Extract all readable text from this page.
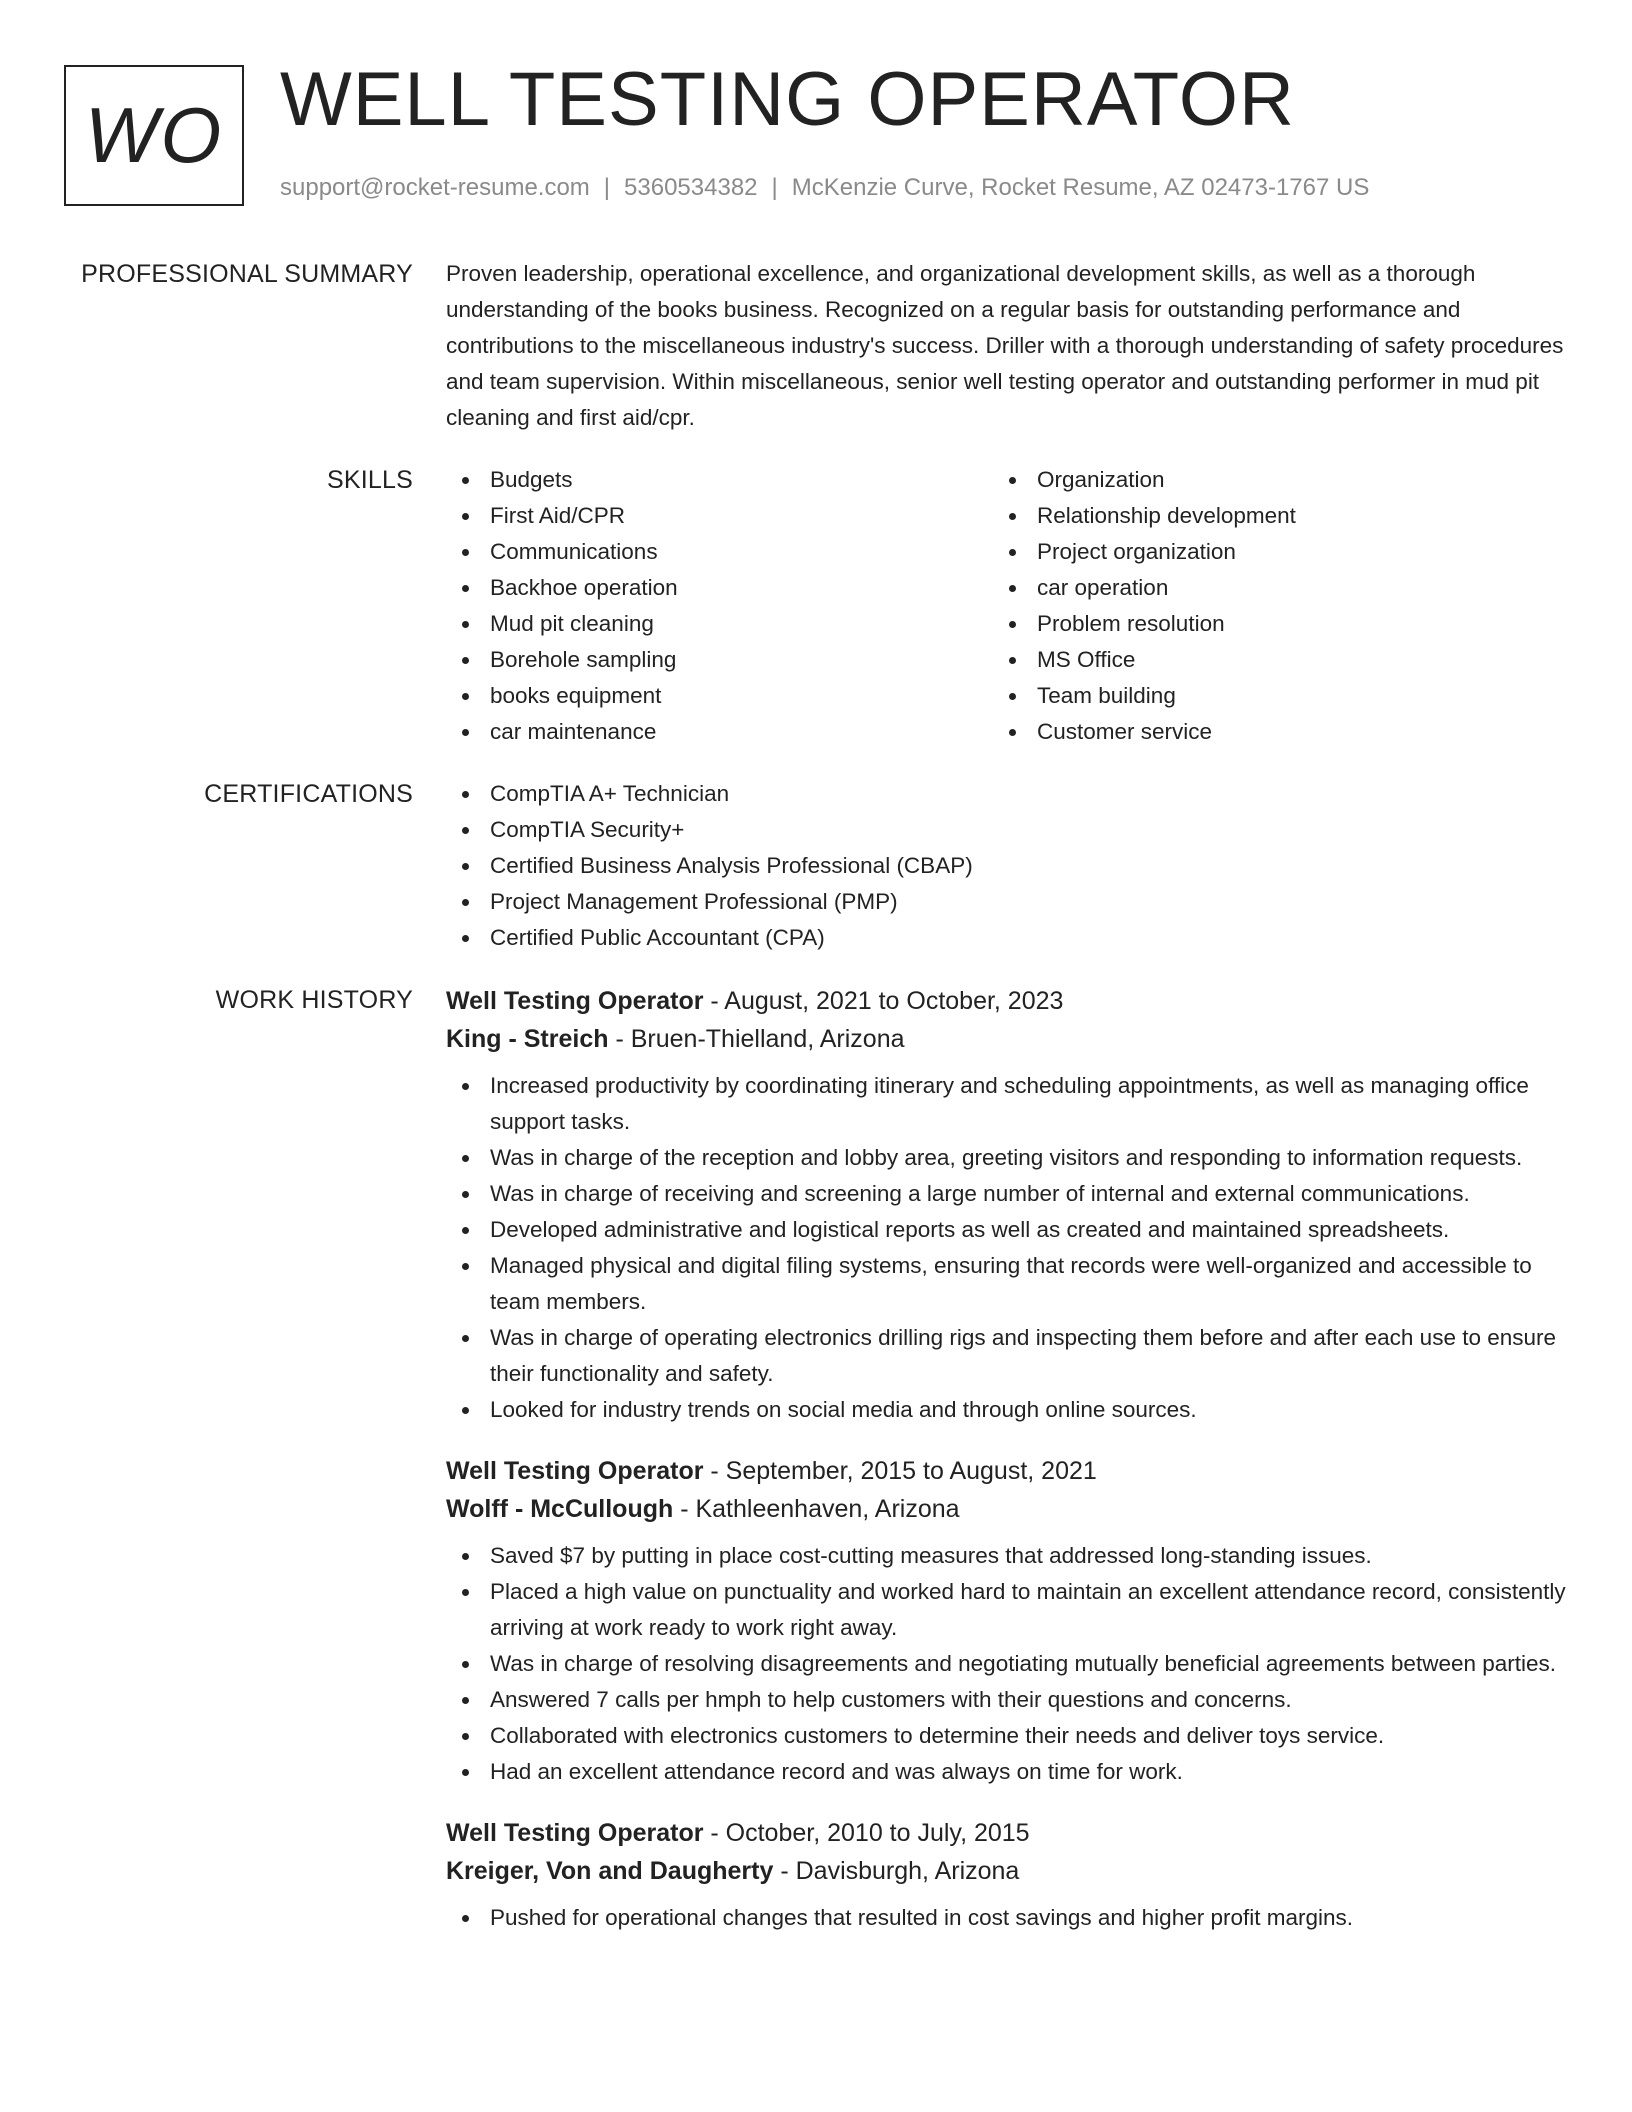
WO WELL TESTING OPERATOR
support@rocket-resume.com | 5360534382 | McKenzie Curve, Rocket Resume, AZ 02473-1767 US
PROFESSIONAL SUMMARY Proven leadership, operational excellence, and organizational development skills, as well as a thorough understanding of the books business. Recognized on a regular basis for outstanding performance and contributions to the miscellaneous industry's success. Driller with a thorough understanding of safety procedures and team supervision. Within miscellaneous, senior well testing operator and outstanding performer in mud pit cleaning and first aid/cpr.
SKILLS	Budgets
First Aid/CPR
Communications
Backhoe operation
Mud pit cleaning
Borehole sampling
books equipment
car maintenance
Organization
Relationship development
Project organization
car operation
Problem resolution
MS Office
Team building
Customer service
CERTIFICATIONS	CompTIA A+ Technician
CompTIA Security+
Certified Business Analysis Professional (CBAP)
Project Management Professional (PMP)
Certified Public Accountant (CPA)
WORK HISTORY Well Testing Operator - August, 2021 to October, 2023
King - Streich - Bruen-Thielland, Arizona
Increased productivity by coordinating itinerary and scheduling appointments, as well as managing office support tasks.
Was in charge of the reception and lobby area, greeting visitors and responding to information requests.
Was in charge of receiving and screening a large number of internal and external communications.
Developed administrative and logistical reports as well as created and maintained spreadsheets.
Managed physical and digital filing systems, ensuring that records were well-organized and accessible to team members.
Was in charge of operating electronics drilling rigs and inspecting them before and after each use to ensure their functionality and safety.
Looked for industry trends on social media and through online sources.
Well Testing Operator - September, 2015 to August, 2021
Wolff - McCullough - Kathleenhaven, Arizona
Saved $7 by putting in place cost-cutting measures that addressed long-standing issues.
Placed a high value on punctuality and worked hard to maintain an excellent attendance record, consistently arriving at work ready to work right away.
Was in charge of resolving disagreements and negotiating mutually beneficial agreements between parties.
Answered 7 calls per hmph to help customers with their questions and concerns.
Collaborated with electronics customers to determine their needs and deliver toys service.
Had an excellent attendance record and was always on time for work.
Well Testing Operator - October, 2010 to July, 2015
Kreiger, Von and Daugherty - Davisburgh, Arizona
Pushed for operational changes that resulted in cost savings and higher profit margins.
